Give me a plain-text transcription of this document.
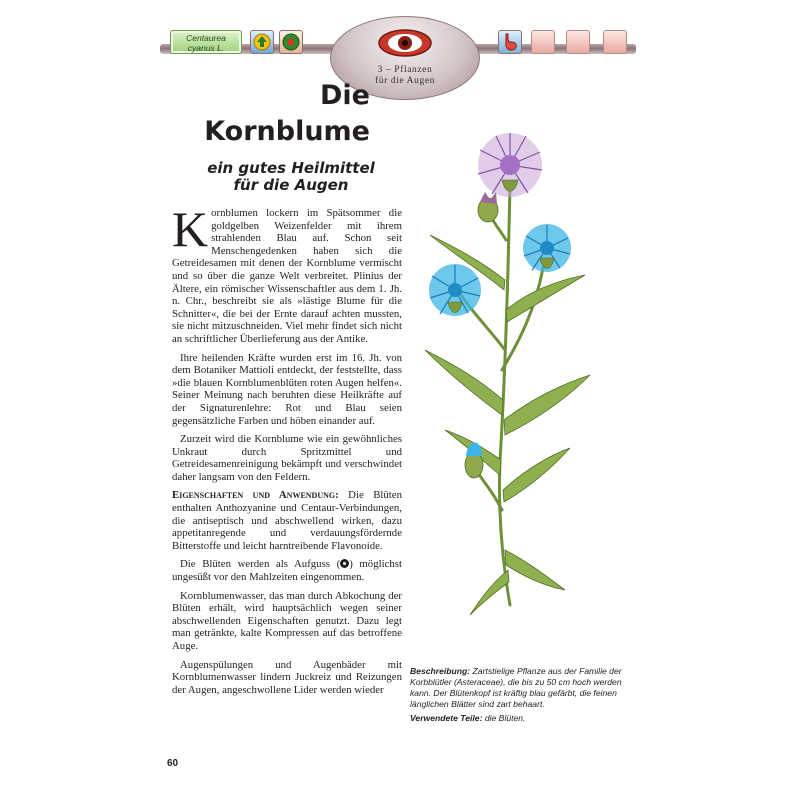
Centaurea
cyanus L.
3 – Pflanzen
für die Augen
Die
Kornblume
ein gutes Heilmittel
für die Augen

Kornblumen lockern im Spätsommer die goldgelben Weizenfelder mit ihrem strahlenden Blau auf. Schon seit Menschengedenken haben sich die Getreidesamen mit denen der Kornblume vermischt und so über die ganze Welt verbreitet. Plinius der Ältere, ein römischer Wissenschaftler aus dem 1. Jh. n. Chr., beschreibt sie als »lästige Blume für die Schnitter«, die bei der Ernte darauf achten mussten, sie nicht mitzuschneiden. Viel mehr findet sich nicht an schriftlicher Überlieferung aus der Antike.

Ihre heilenden Kräfte wurden erst im 16. Jh. von dem Botaniker Mattioli entdeckt, der feststellte, dass »die blauen Kornblumenblüten roten Augen helfen«. Seiner Meinung nach beruhten diese Heilkräfte auf der Signaturenlehre: Rot und Blau seien gegensätzliche Farben und höben einander auf.

Zurzeit wird die Kornblume wie ein gewöhnliches Unkraut durch Spritzmittel und Getreidesamenreinigung bekämpft und verschwindet daher langsam von den Feldern.

Eigenschaften und Anwendung: Die Blüten enthalten Anthozyanine und Centaur-Verbindungen, die antiseptisch und abschwellend wirken, dazu appetitanregende und verdauungsfördernde Bitterstoffe und leicht harntreibende Flavonoide.

Die Blüten werden als Aufguss ( ) möglichst ungesüßt vor den Mahlzeiten eingenommen.

Kornblumenwasser, das man durch Abkochung der Blüten erhält, wird hauptsächlich wegen seiner abschwellenden Eigenschaften genutzt. Dazu legt man getränkte, kalte Kompressen auf das betroffene Auge.

Augenspülungen und Augenbäder mit Kornblumenwasser lindern Juckreiz und Reizungen der Augen, angeschwollene Lider werden wieder

Beschreibung: Zartstielige Pflanze aus der Familie der Korbblütler (Asteraceae), die bis zu 50 cm hoch werden kann. Der Blütenkopf ist kräftig blau gefärbt, die feinen länglichen Blätter sind zart behaart.
Verwendete Teile: die Blüten.
60
